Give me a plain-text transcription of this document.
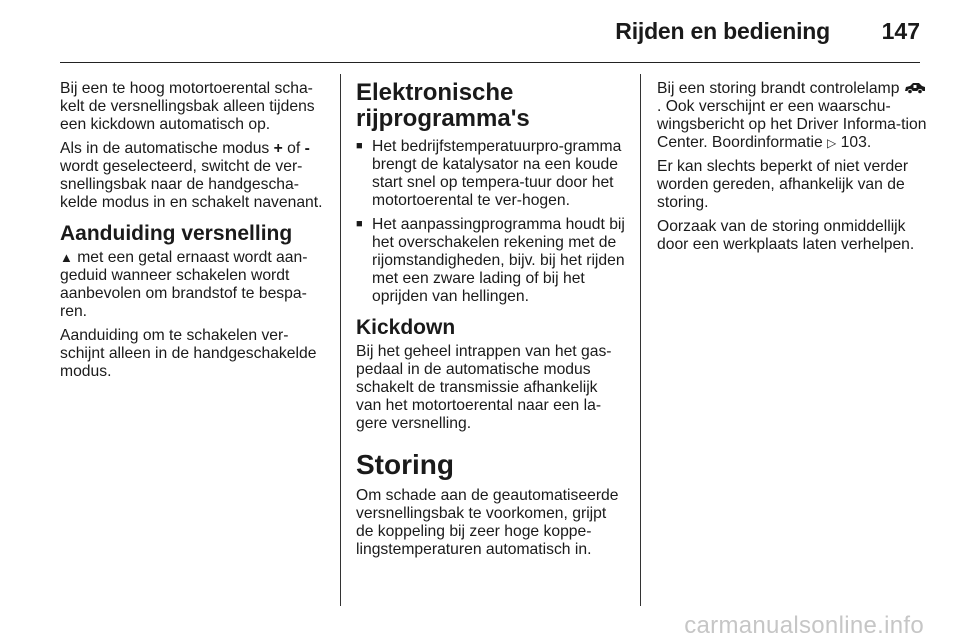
Rijden en bediening 147

Bij een te hoog motortoerental scha-kelt de versnellingsbak alleen tijdens een kickdown automatisch op.

Als in de automatische modus + of - wordt geselecteerd, switcht de ver-snellingsbak naar de handgescha-kelde modus in en schakelt navenant.

Aanduiding versnelling

▲ met een getal ernaast wordt aan-geduid wanneer schakelen wordt aanbevolen om brandstof te bespa-ren.

Aanduiding om te schakelen ver-schijnt alleen in de handgeschakelde modus.

Elektronische rijprogramma's
■ Het bedrijfstemperatuurpro-gramma brengt de katalysator na een koude start snel op tempera-tuur door het motortoerental te ver-hogen.
■ Het aanpassingprogramma houdt bij het overschakelen rekening met de rijomstandigheden, bijv. bij het rijden met een zware lading of bij het oprijden van hellingen.
Kickdown

Bij het geheel intrappen van het gas-pedaal in de automatische modus schakelt de transmissie afhankelijk van het motortoerental naar een la-gere versnelling.

Storing

Om schade aan de geautomatiseerde versnellingsbak te voorkomen, grijpt de koppeling bij zeer hoge koppe-lingstemperaturen automatisch in.

Bij een storing brandt controlelamp . Ook verschijnt er een waarschu-wingsbericht op het Driver Informa-tion Center. Boordinformatie ▷ 103.

Er kan slechts beperkt of niet verder worden gereden, afhankelijk van de storing.

Oorzaak van de storing onmiddellijk door een werkplaats laten verhelpen.

carmanualsonline.info
